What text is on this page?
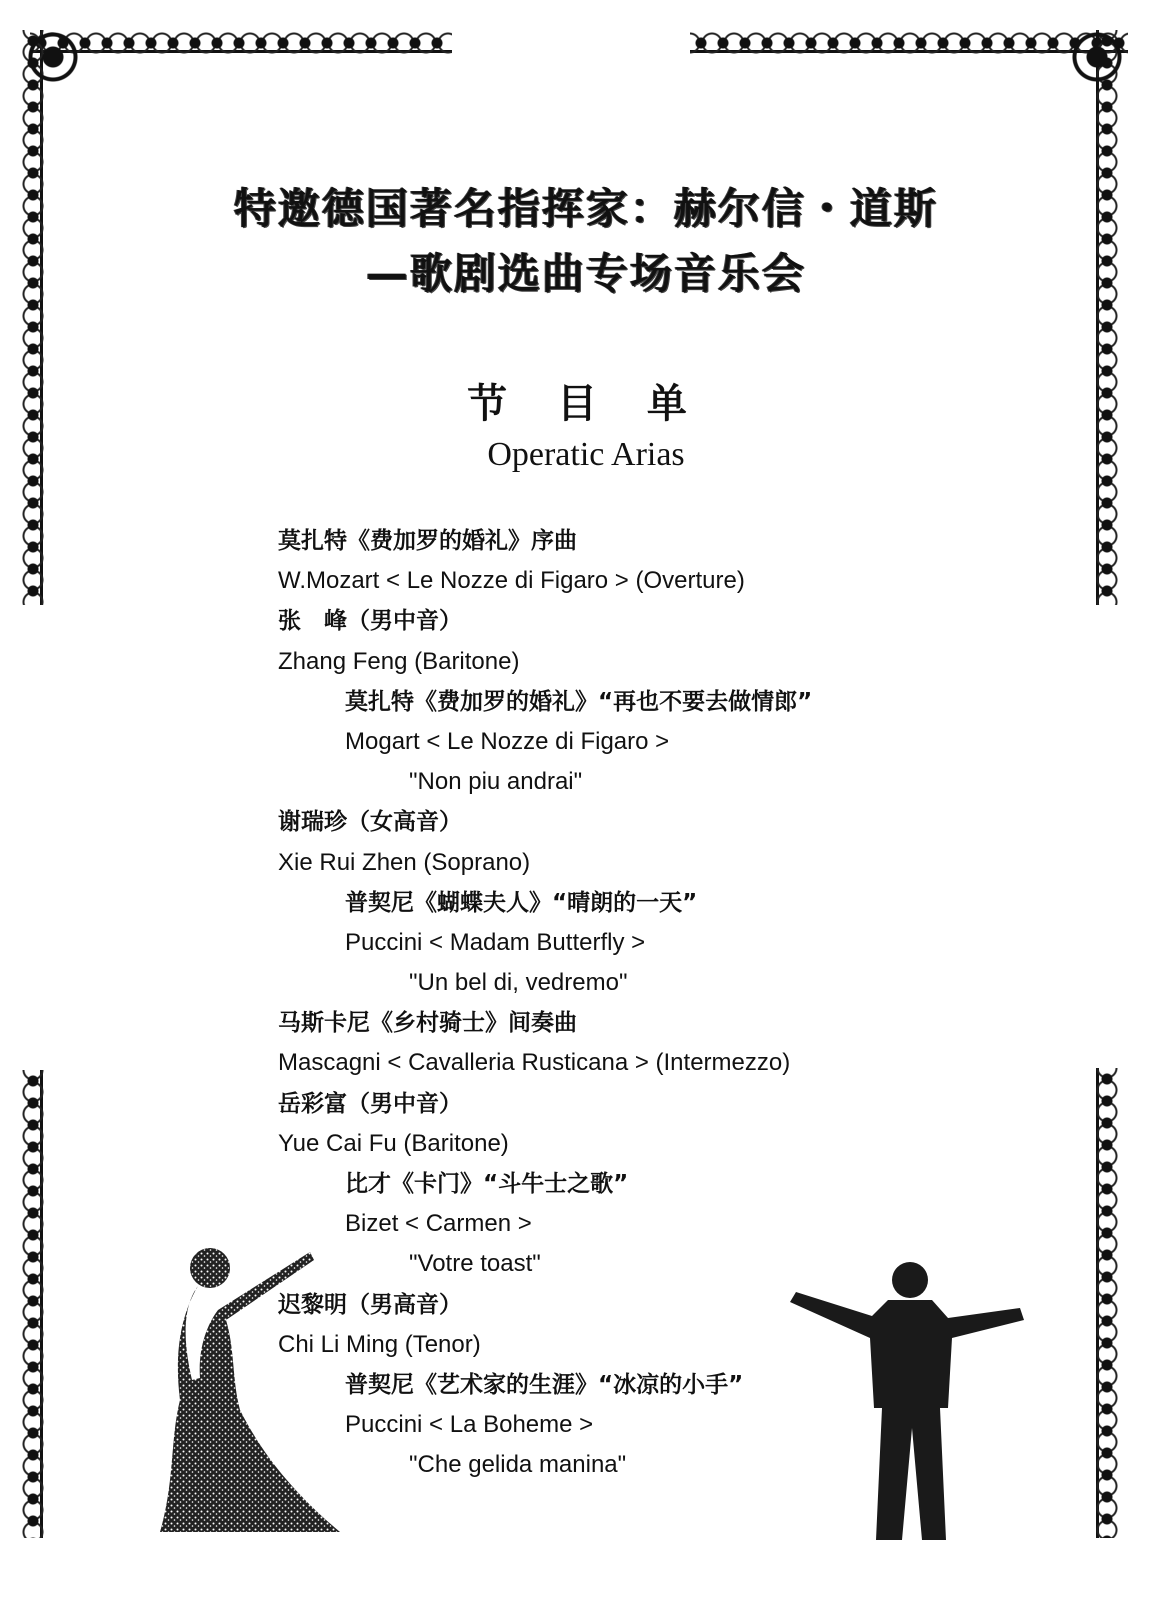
特邀德国著名指挥家：赫尔信・道斯
—歌剧选曲专场音乐会
节 目 单
Operatic Arias
莫扎特《费加罗的婚礼》序曲
W.Mozart < Le Nozze di Figaro > (Overture)
张　峰（男中音）
Zhang Feng (Baritone)
莫扎特《费加罗的婚礼》“再也不要去做情郎”
Mogart < Le Nozze di Figaro >
"Non piu andrai"
谢瑞珍（女高音）
Xie Rui Zhen (Soprano)
普契尼《蝴蝶夫人》“晴朗的一天”
Puccini < Madam Butterfly >
"Un bel di, vedremo"
马斯卡尼《乡村骑士》间奏曲
Mascagni < Cavalleria Rusticana > (Intermezzo)
岳彩富（男中音）
Yue Cai Fu (Baritone)
比才《卡门》“斗牛士之歌”
Bizet < Carmen >
"Votre toast"
迟黎明（男高音）
Chi Li Ming (Tenor)
普契尼《艺术家的生涯》“冰凉的小手”
Puccini < La Boheme >
"Che gelida manina"
